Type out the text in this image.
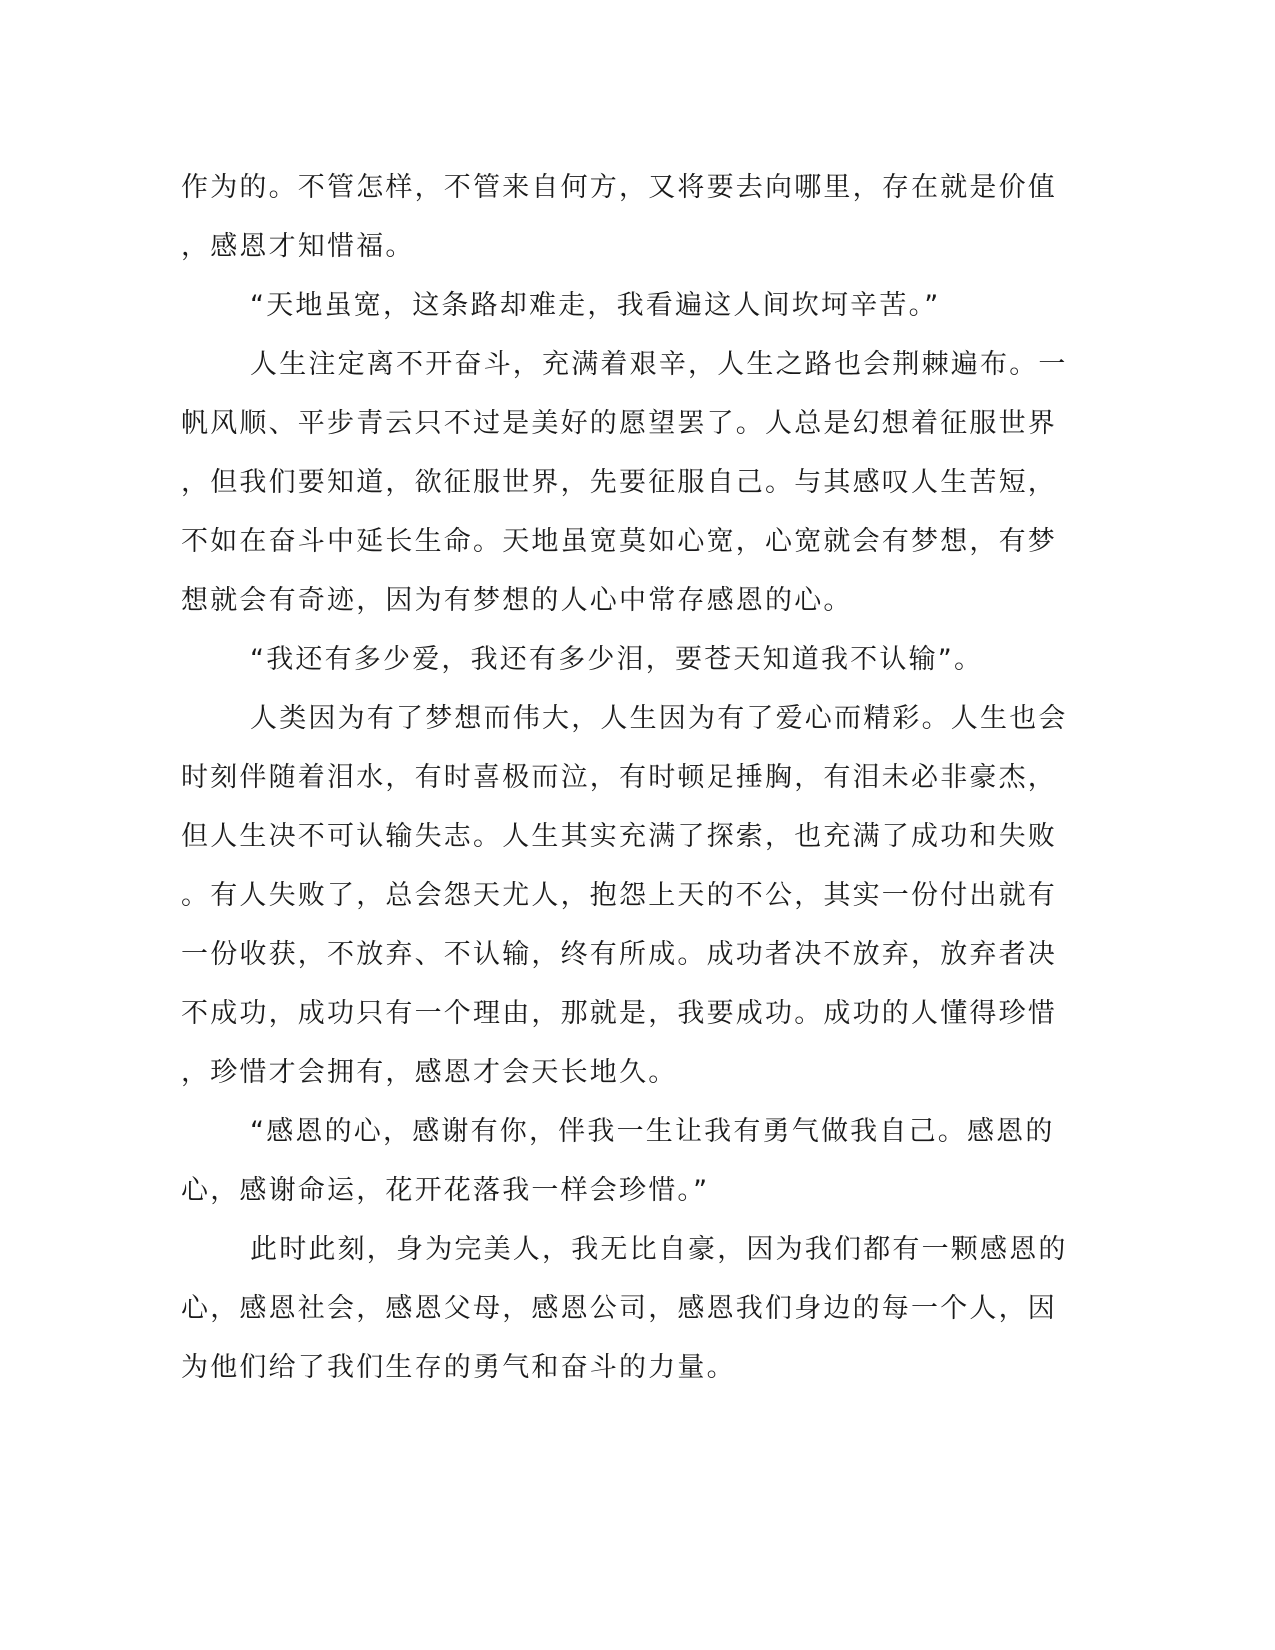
作为的。不管怎样，不管来自何方，又将要去向哪里，存在就是价值
，感恩才知惜福。
“天地虽宽，这条路却难走，我看遍这人间坎坷辛苦。”
人生注定离不开奋斗，充满着艰辛，人生之路也会荆棘遍布。一
帆风顺、平步青云只不过是美好的愿望罢了。人总是幻想着征服世界
，但我们要知道，欲征服世界，先要征服自己。与其感叹人生苦短，
不如在奋斗中延长生命。天地虽宽莫如心宽，心宽就会有梦想，有梦
想就会有奇迹，因为有梦想的人心中常存感恩的心。
“我还有多少爱，我还有多少泪，要苍天知道我不认输”。
人类因为有了梦想而伟大，人生因为有了爱心而精彩。人生也会
时刻伴随着泪水，有时喜极而泣，有时顿足捶胸，有泪未必非豪杰，
但人生决不可认输失志。人生其实充满了探索，也充满了成功和失败
。有人失败了，总会怨天尤人，抱怨上天的不公，其实一份付出就有
一份收获，不放弃、不认输，终有所成。成功者决不放弃，放弃者决
不成功，成功只有一个理由，那就是，我要成功。成功的人懂得珍惜
，珍惜才会拥有，感恩才会天长地久。
“感恩的心，感谢有你，伴我一生让我有勇气做我自己。感恩的
心，感谢命运，花开花落我一样会珍惜。”
此时此刻，身为完美人，我无比自豪，因为我们都有一颗感恩的
心，感恩社会，感恩父母，感恩公司，感恩我们身边的每一个人，因
为他们给了我们生存的勇气和奋斗的力量。
